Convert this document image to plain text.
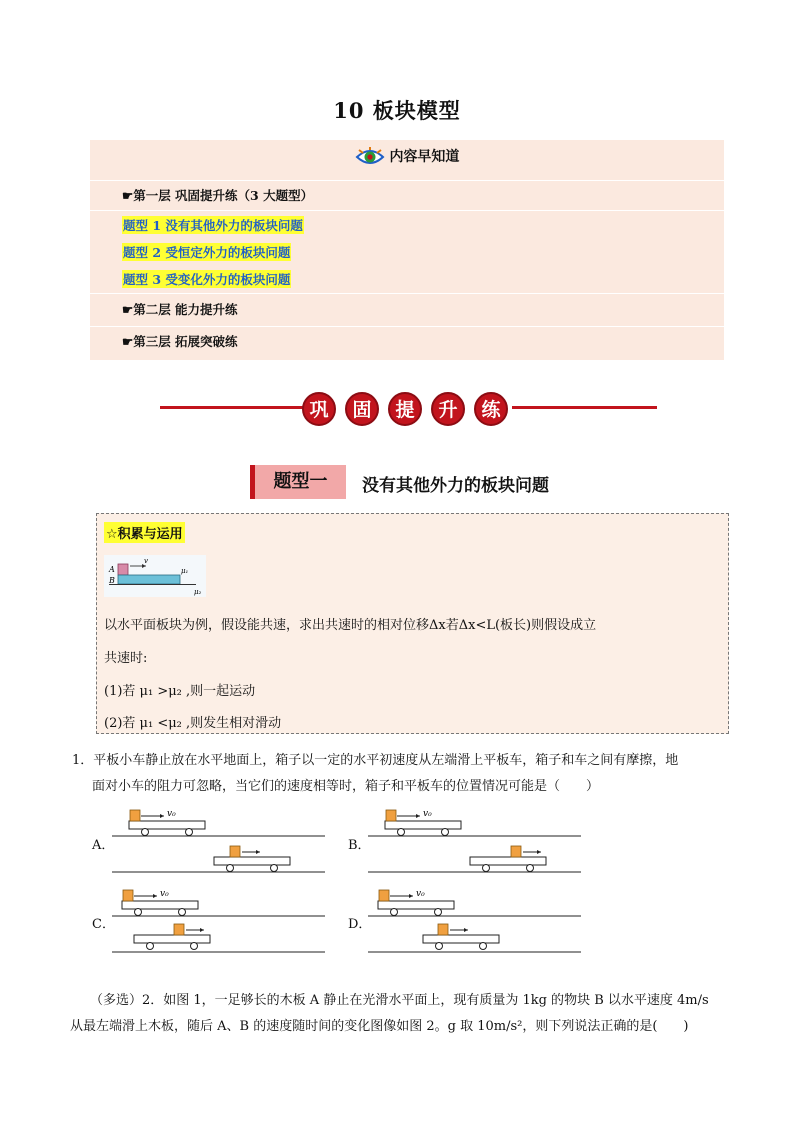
10 板块模型
内容早知道
☛第一层 巩固提升练（3 大题型）
题型 1 没有其他外力的板块问题
题型 2 受恒定外力的板块问题
题型 3 受变化外力的板块问题
☛第二层 能力提升练
☛第三层 拓展突破练
巩	固	提	升	练
题型一	没有其他外力的板块问题
☆积累与运用
A
B
v
μ₁
μ₂
以水平面板块为例，假设能共速，求出共速时的相对位移Δx若Δx<L(板长)则假设成立
共速时:
(1)若 μ₁ >μ₂ ,则一起运动
(2)若 μ₁ <μ₂ ,则发生相对滑动
1．平板小车静止放在水平地面上，箱子以一定的水平初速度从左端滑上平板车，箱子和车之间有摩擦，地
面对小车的阻力可忽略，当它们的速度相等时，箱子和平板车的位置情况可能是（　　）
A．	B．
C．	D．
v₀	v₀
v₀	v₀
（多选）2．如图 1，一足够长的木板 A 静止在光滑水平面上，现有质量为 1kg 的物块 B 以水平速度 4m/s
从最左端滑上木板，随后 A、B 的速度随时间的变化图像如图 2。g 取 10m/s²，则下列说法正确的是(　　)
